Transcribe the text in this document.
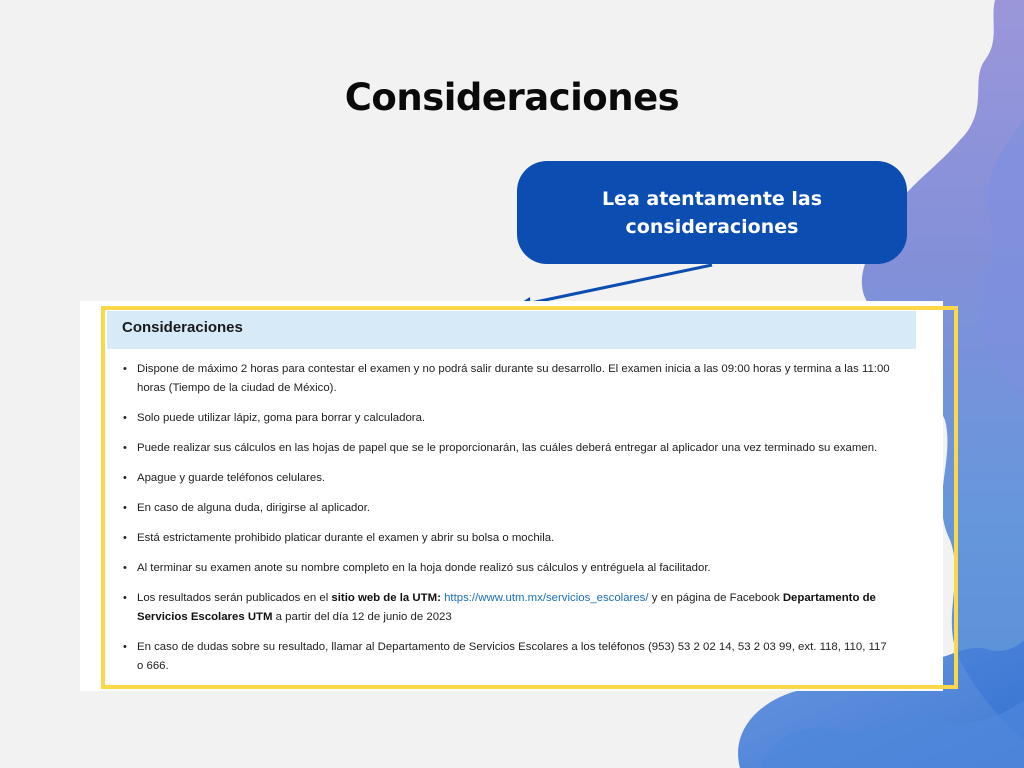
Consideraciones
Lea atentamente las consideraciones
Consideraciones
• Dispone de máximo 2 horas para contestar el examen y no podrá salir durante su desarrollo. El examen inicia a las 09:00 horas y termina a las 11:00 horas (Tiempo de la ciudad de México).
• Solo puede utilizar lápiz, goma para borrar y calculadora.
• Puede realizar sus cálculos en las hojas de papel que se le proporcionarán, las cuáles deberá entregar al aplicador una vez terminado su examen.
• Apague y guarde teléfonos celulares.
• En caso de alguna duda, dirigirse al aplicador.
• Está estrictamente prohibido platicar durante el examen y abrir su bolsa o mochila.
• Al terminar su examen anote su nombre completo en la hoja donde realizó sus cálculos y entréguela al facilitador.
• Los resultados serán publicados en el sitio web de la UTM: https://www.utm.mx/servicios_escolares/ y en página de Facebook Departamento de Servicios Escolares UTM a partir del día 12 de junio de 2023
• En caso de dudas sobre su resultado, llamar al Departamento de Servicios Escolares a los teléfonos (953) 53 2 02 14, 53 2 03 99, ext. 118, 110, 117 o 666.
